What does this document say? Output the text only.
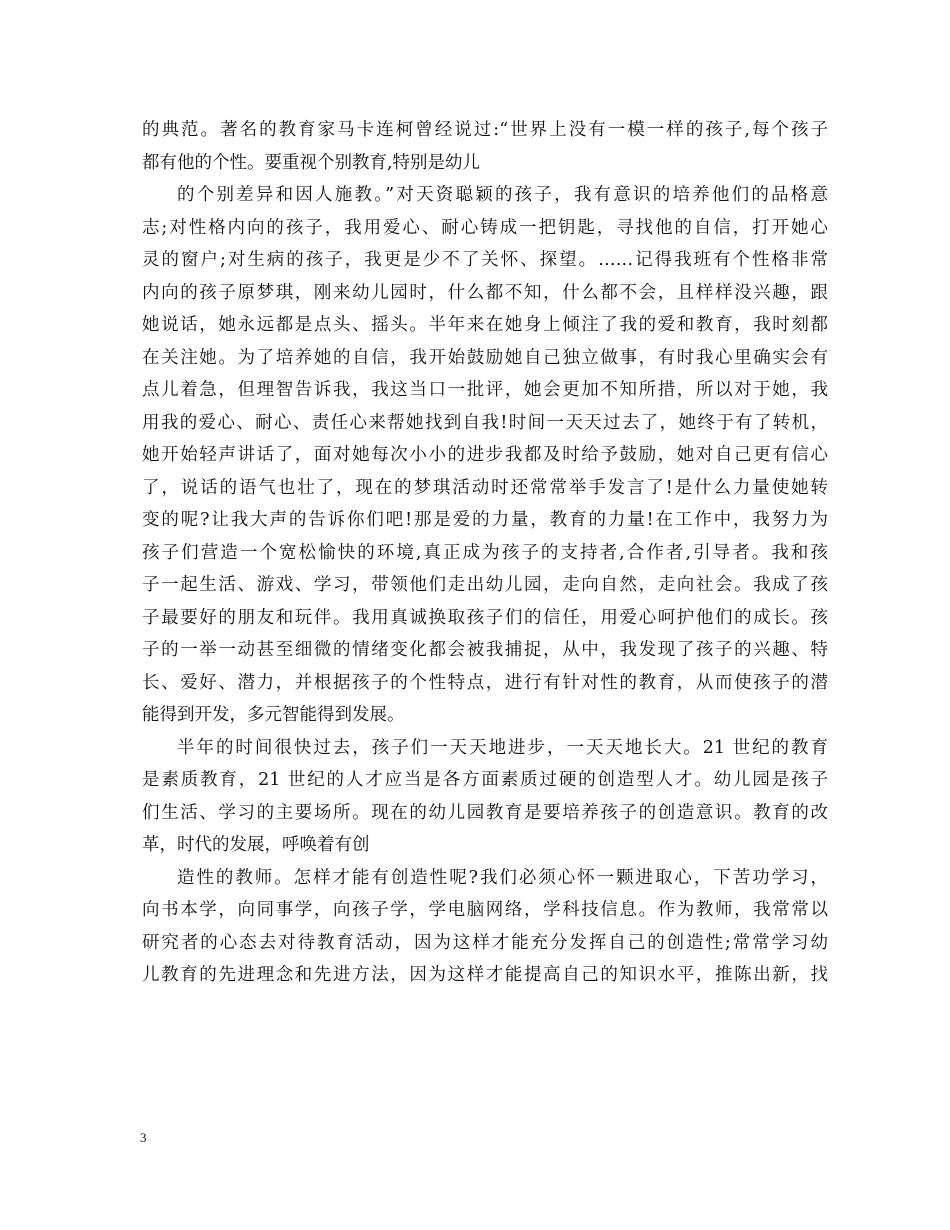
的典范。著名的教育家马卡连柯曾经说过:“世界上没有一模一样的孩子,每个孩子
都有他的个性。要重视个别教育,特别是幼儿
的个别差异和因人施教。”对天资聪颖的孩子，我有意识的培养他们的品格意
志;对性格内向的孩子，我用爱心、耐心铸成一把钥匙，寻找他的自信，打开她心
灵的窗户;对生病的孩子，我更是少不了关怀、探望。……记得我班有个性格非常
内向的孩子原梦琪，刚来幼儿园时，什么都不知，什么都不会，且样样没兴趣，跟
她说话，她永远都是点头、摇头。半年来在她身上倾注了我的爱和教育，我时刻都
在关注她。为了培养她的自信，我开始鼓励她自己独立做事，有时我心里确实会有
点儿着急，但理智告诉我，我这当口一批评，她会更加不知所措，所以对于她，我
用我的爱心、耐心、责任心来帮她找到自我!时间一天天过去了，她终于有了转机，
她开始轻声讲话了，面对她每次小小的进步我都及时给予鼓励，她对自己更有信心
了，说话的语气也壮了，现在的梦琪活动时还常常举手发言了!是什么力量使她转
变的呢?让我大声的告诉你们吧!那是爱的力量，教育的力量!在工作中，我努力为
孩子们营造一个宽松愉快的环境,真正成为孩子的支持者,合作者,引导者。我和孩
子一起生活、游戏、学习，带领他们走出幼儿园，走向自然，走向社会。我成了孩
子最要好的朋友和玩伴。我用真诚换取孩子们的信任，用爱心呵护他们的成长。孩
子的一举一动甚至细微的情绪变化都会被我捕捉，从中，我发现了孩子的兴趣、特
长、爱好、潜力，并根据孩子的个性特点，进行有针对性的教育，从而使孩子的潜
能得到开发，多元智能得到发展。
半年的时间很快过去，孩子们一天天地进步，一天天地长大。21 世纪的教育
是素质教育，21 世纪的人才应当是各方面素质过硬的创造型人才。幼儿园是孩子
们生活、学习的主要场所。现在的幼儿园教育是要培养孩子的创造意识。教育的改
革，时代的发展，呼唤着有创
造性的教师。怎样才能有创造性呢?我们必须心怀一颗进取心，下苦功学习，
向书本学，向同事学，向孩子学，学电脑网络，学科技信息。作为教师，我常常以
研究者的心态去对待教育活动，因为这样才能充分发挥自己的创造性;常常学习幼
儿教育的先进理念和先进方法，因为这样才能提高自己的知识水平，推陈出新，找
3
